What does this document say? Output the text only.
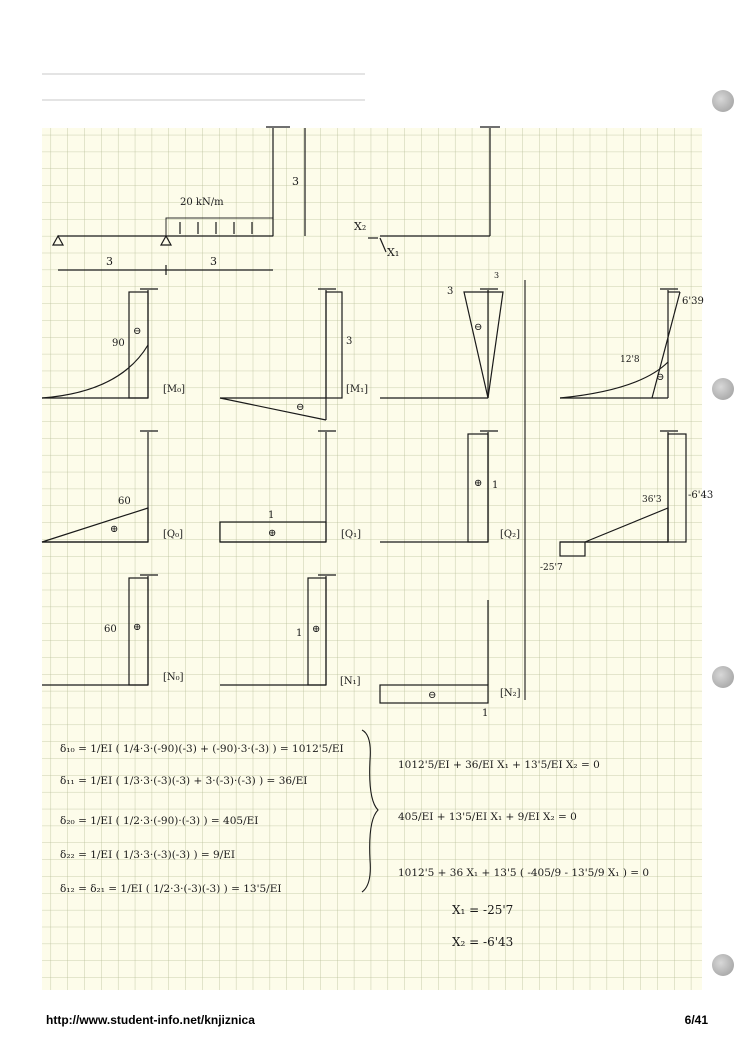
20 kN/m
3	3
3
X₂
X₁
[M₀]
90
⊖
[M₁]
3
⊖
3
3
⊖
6'39
12'8
⊖
[Q₀]
60
⊕	[Q₁]
1
⊕	[Q₂]
1
⊕
-6'43
36'3
-25'7
[N₀]
60 ⊕
[N₁]
1 ⊕
[N₂]
1
⊖
δ₁₀ = 1/EI ( 1/4·3·(-90)(-3) + (-90)·3·(-3) ) = 1012'5/EI
δ₁₁ = 1/EI ( 1/3·3·(-3)(-3) + 3·(-3)·(-3) ) = 36/EI
δ₂₀ = 1/EI ( 1/2·3·(-90)·(-3) ) = 405/EI
δ₂₂ = 1/EI ( 1/3·3·(-3)(-3) ) = 9/EI
δ₁₂ = δ₂₁ = 1/EI ( 1/2·3·(-3)(-3) ) = 13'5/EI
1012'5/EI + 36/EI X₁ + 13'5/EI X₂ = 0
405/EI + 13'5/EI X₁ + 9/EI X₂ = 0
1012'5 + 36 X₁ + 13'5 ( -405/9 - 13'5/9 X₁ ) = 0
X₁ = -25'7
X₂ = -6'43
http://www.student-info.net/knjiznica	6/41
